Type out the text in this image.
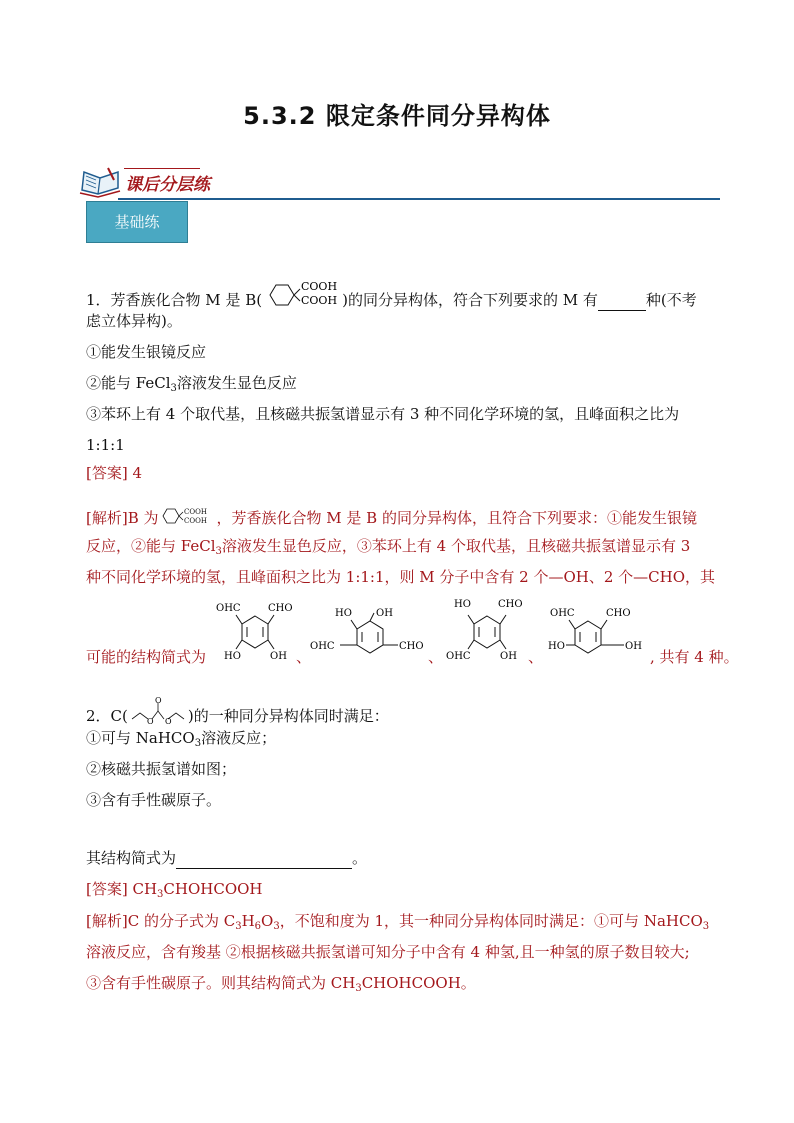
5.3.2 限定条件同分异构体
课后分层练
基础练
1．芳香族化合物 M 是 B(
COOH
COOH )的同分异构体，符合下列要求的 M 有	种(不考
虑立体异构)。
①能发生银镜反应
②能与 FeCl$_3$溶液发生显色反应
③苯环上有 4 个取代基，且核磁共振氢谱显示有 3 种不同化学环境的氢，且峰面积之比为
1:1:1
[答案] 4
[解析]B 为	COOH
COOH ，芳香族化合物 M 是 B 的同分异构体，且符合下列要求：①能发生银镜
反应，②能与 FeCl$_3$溶液发生显色反应，③苯环上有 4 个取代基，且核磁共振氢谱显示有 3
种不同化学环境的氢，且峰面积之比为 1:1:1，则 M 分子中含有 2 个—OH、2 个—CHO，其
可能的结构简式为
OHC	CHO
HO	OH 、
HO OH
OHC	CHO
、
HO	CHO
OHC	OH 、
OHC	CHO
HO	OH
, 共有 4 种。
2．C( O O
O
)的一种同分异构体同时满足：
①可与 NaHCO$_3$溶液反应；
②核磁共振氢谱如图；
③含有手性碳原子。
其结构简式为	。
[答案] $CH_3CHOHCOOH$
[解析]C 的分子式为 $C_3H_6O_3$，不饱和度为 1，其一种同分异构体同时满足：①可与 NaHCO$_3$
溶液反应，含有羧基 ②根据核磁共振氢谱可知分子中含有 4 种氢,且一种氢的原子数目较大;
③含有手性碳原子。则其结构简式为 $CH_3CHOHCOOH$。
